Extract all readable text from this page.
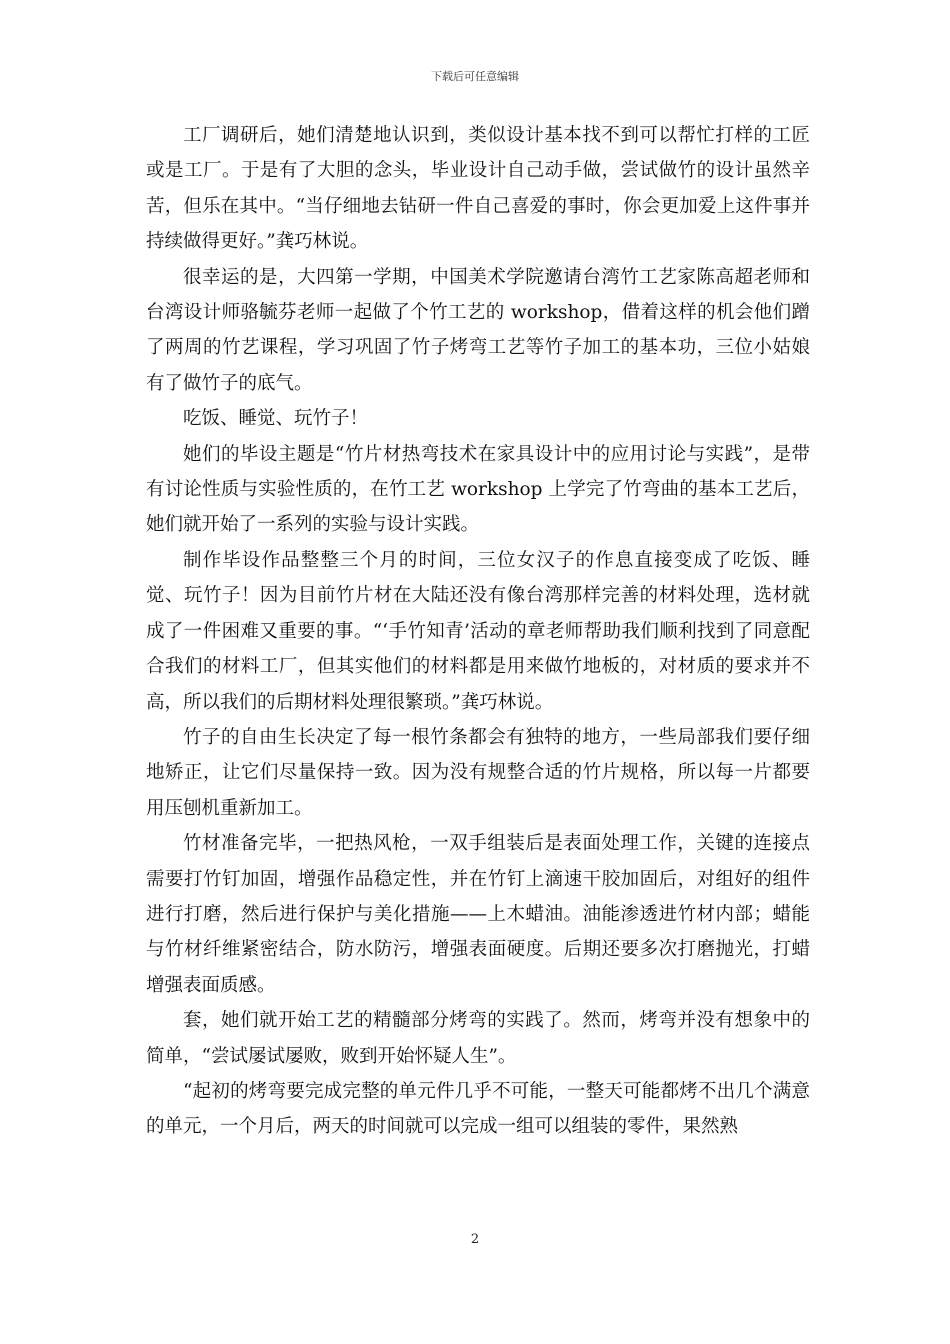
下载后可任意编辑

工厂调研后，她们清楚地认识到，类似设计基本找不到可以帮忙打样的工匠或是工厂。于是有了大胆的念头，毕业设计自己动手做，尝试做竹的设计虽然辛苦，但乐在其中。“当仔细地去钻研一件自己喜爱的事时，你会更加爱上这件事并持续做得更好。”龚巧林说。

很幸运的是，大四第一学期，中国美术学院邀请台湾竹工艺家陈高超老师和台湾设计师骆毓芬老师一起做了个竹工艺的 workshop，借着这样的机会他们蹭了两周的竹艺课程，学习巩固了竹子烤弯工艺等竹子加工的基本功，三位小姑娘有了做竹子的底气。

吃饭、睡觉、玩竹子！

她们的毕设主题是“竹片材热弯技术在家具设计中的应用讨论与实践”，是带有讨论性质与实验性质的，在竹工艺 workshop 上学完了竹弯曲的基本工艺后，她们就开始了一系列的实验与设计实践。

制作毕设作品整整三个月的时间，三位女汉子的作息直接变成了吃饭、睡觉、玩竹子！因为目前竹片材在大陆还没有像台湾那样完善的材料处理，选材就成了一件困难又重要的事。“‘手竹知青’活动的章老师帮助我们顺利找到了同意配合我们的材料工厂，但其实他们的材料都是用来做竹地板的，对材质的要求并不高，所以我们的后期材料处理很繁琐。”龚巧林说。

竹子的自由生长决定了每一根竹条都会有独特的地方，一些局部我们要仔细地矫正，让它们尽量保持一致。因为没有规整合适的竹片规格，所以每一片都要用压刨机重新加工。

竹材准备完毕，一把热风枪，一双手组装后是表面处理工作，关键的连接点需要打竹钉加固，增强作品稳定性，并在竹钉上滴速干胶加固后，对组好的组件进行打磨，然后进行保护与美化措施——上木蜡油。油能渗透进竹材内部；蜡能与竹材纤维紧密结合，防水防污，增强表面硬度。后期还要多次打磨抛光，打蜡增强表面质感。

套，她们就开始工艺的精髓部分烤弯的实践了。然而，烤弯并没有想象中的简单，“尝试屡试屡败，败到开始怀疑人生”。

“起初的烤弯要完成完整的单元件几乎不可能，一整天可能都烤不出几个满意的单元，一个月后，两天的时间就可以完成一组可以组装的零件，果然熟

2
